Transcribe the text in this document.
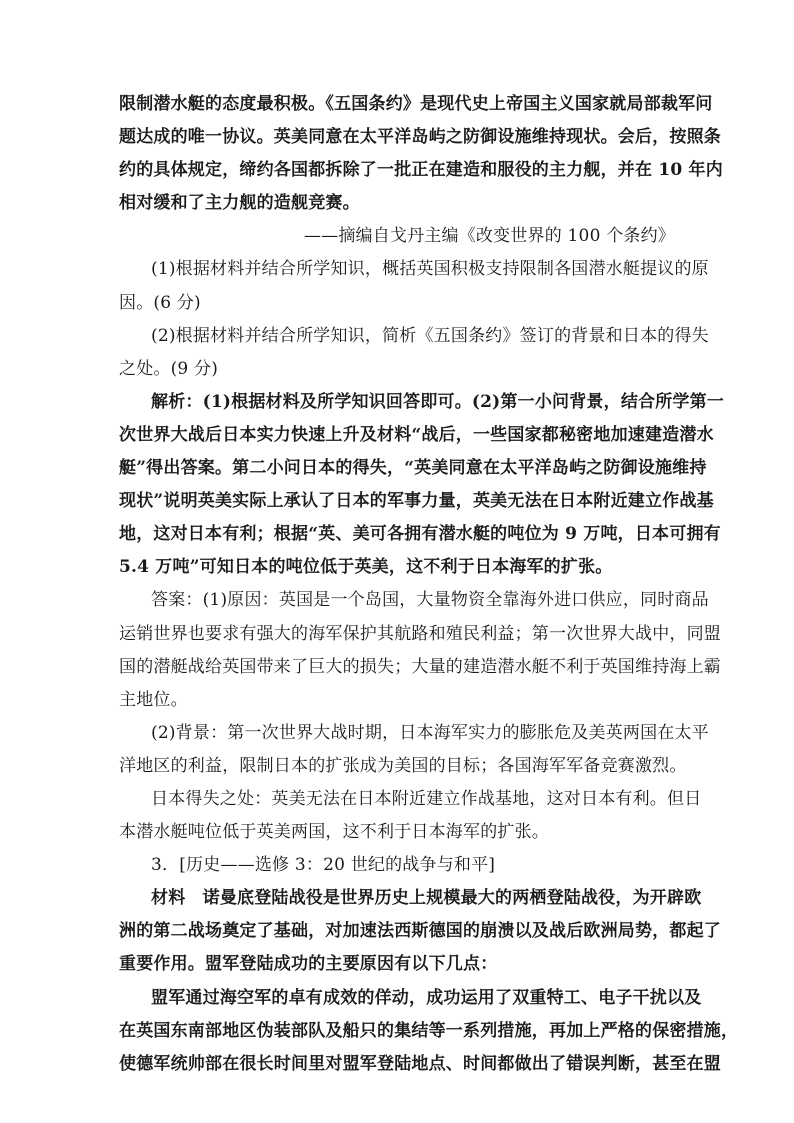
限制潜水艇的态度最积极。《五国条约》是现代史上帝国主义国家就局部裁军问
题达成的唯一协议。英美同意在太平洋岛屿之防御设施维持现状。会后，按照条
约的具体规定，缔约各国都拆除了一批正在建造和服役的主力舰，并在 10 年内
相对缓和了主力舰的造舰竞赛。
——摘编自戈丹主编《改变世界的 100 个条约》
(1)根据材料并结合所学知识，概括英国积极支持限制各国潜水艇提议的原
因。(6 分)
(2)根据材料并结合所学知识，简析《五国条约》签订的背景和日本的得失
之处。(9 分)
解析：(1)根据材料及所学知识回答即可。(2)第一小问背景，结合所学第一
次世界大战后日本实力快速上升及材料“战后，一些国家都秘密地加速建造潜水
艇”得出答案。第二小问日本的得失，“英美同意在太平洋岛屿之防御设施维持
现状”说明英美实际上承认了日本的军事力量，英美无法在日本附近建立作战基
地，这对日本有利；根据“英、美可各拥有潜水艇的吨位为 9 万吨，日本可拥有
5.4 万吨”可知日本的吨位低于英美，这不利于日本海军的扩张。
答案：(1)原因：英国是一个岛国，大量物资全靠海外进口供应，同时商品
运销世界也要求有强大的海军保护其航路和殖民利益；第一次世界大战中，同盟
国的潜艇战给英国带来了巨大的损失；大量的建造潜水艇不利于英国维持海上霸
主地位。
(2)背景：第一次世界大战时期，日本海军实力的膨胀危及美英两国在太平
洋地区的利益，限制日本的扩张成为美国的目标；各国海军军备竞赛激烈。
日本得失之处：英美无法在日本附近建立作战基地，这对日本有利。但日
本潜水艇吨位低于英美两国，这不利于日本海军的扩张。
3．[历史——选修 3：20 世纪的战争与和平]
材料　诺曼底登陆战役是世界历史上规模最大的两栖登陆战役，为开辟欧
洲的第二战场奠定了基础，对加速法西斯德国的崩溃以及战后欧洲局势，都起了
重要作用。盟军登陆成功的主要原因有以下几点：
盟军通过海空军的卓有成效的佯动，成功运用了双重特工、电子干扰以及
在英国东南部地区伪装部队及船只的集结等一系列措施，再加上严格的保密措施，
使德军统帅部在很长时间里对盟军登陆地点、时间都做出了错误判断，甚至在盟
